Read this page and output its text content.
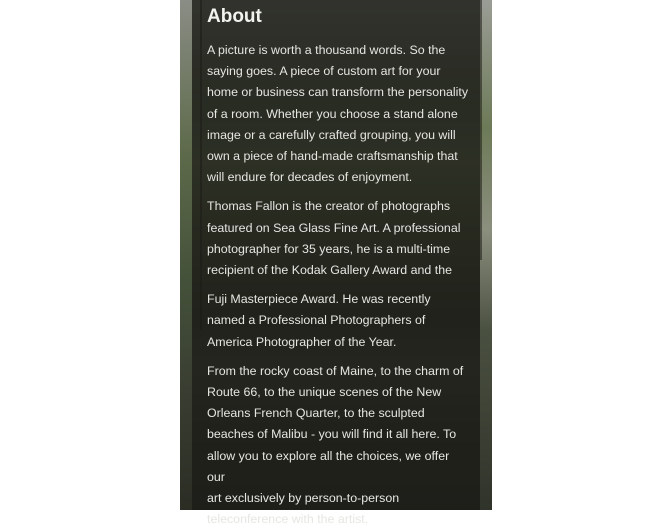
About

A picture is worth a thousand words. So the
saying goes. A piece of custom art for your
home or business can transform the personality
of a room. Whether you choose a stand alone
image or a carefully crafted grouping, you will
own a piece of hand-made craftsmanship that
will endure for decades of enjoyment.

Thomas Fallon is the creator of photographs
featured on Sea Glass Fine Art. A professional
photographer for 35 years, he is a multi-time
recipient of the Kodak Gallery Award and the

Fuji Masterpiece Award. He was recently
named a Professional Photographers of
America Photographer of the Year.

From the rocky coast of Maine, to the charm of
Route 66, to the unique scenes of the New
Orleans French Quarter, to the sculpted
beaches of Malibu - you will find it all here. To
allow you to explore all the choices, we offer our
art exclusively by person-to-person
teleconference with the artist.
